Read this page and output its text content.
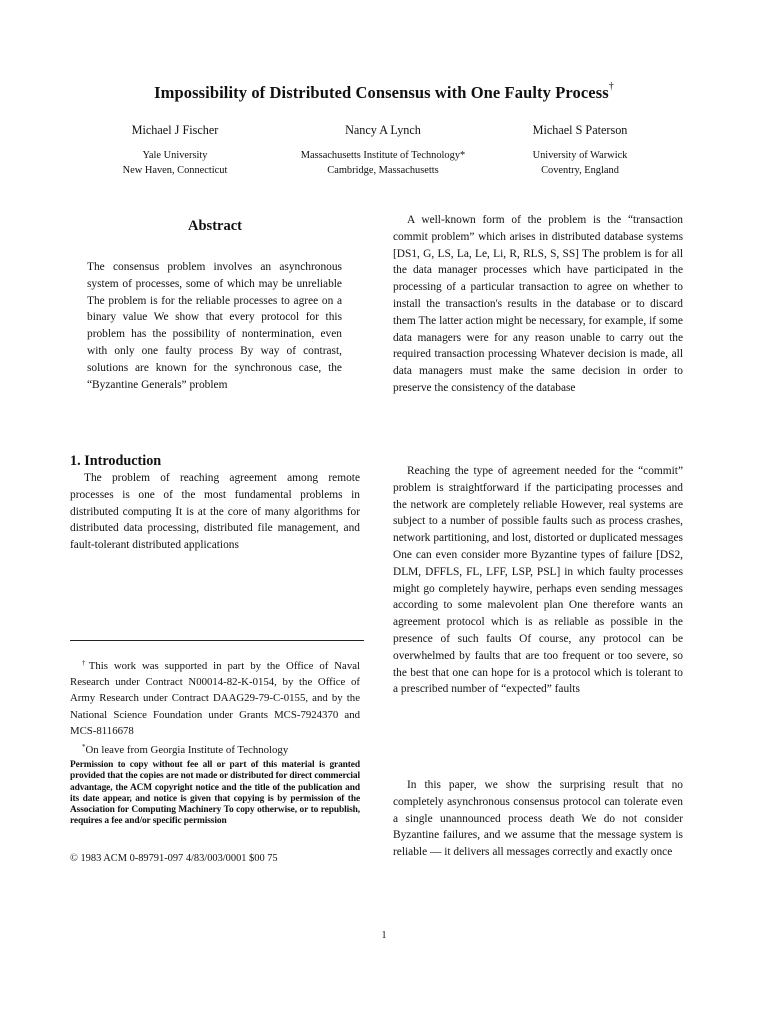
Impossibility of Distributed Consensus with One Faulty Process†
Michael J Fischer
Yale University
New Haven, Connecticut
Nancy A Lynch
Massachusetts Institute of Technology*
Cambridge, Massachusetts
Michael S Paterson
University of Warwick
Coventry, England
Abstract

The consensus problem involves an asynchronous system of processes, some of which may be unreliable The problem is for the reliable processes to agree on a binary value We show that every protocol for this problem has the possibility of nontermination, even with only one faulty process By way of contrast, solutions are known for the synchronous case, the “Byzantine Generals” problem

1. Introduction

The problem of reaching agreement among remote processes is one of the most fundamental problems in distributed computing It is at the core of many algorithms for distributed data processing, distributed file management, and fault-tolerant distributed applications

†This work was supported in part by the Office of Naval Research under Contract N00014-82-K-0154, by the Office of Army Research under Contract DAAG29-79-C-0155, and by the National Science Foundation under Grants MCS-7924370 and MCS-8116678

*On leave from Georgia Institute of Technology

Permission to copy without fee all or part of this material is granted provided that the copies are not made or distributed for direct commercial advantage, the ACM copyright notice and the title of the publication and its date appear, and notice is given that copying is by permission of the Association for Computing Machinery To copy otherwise, or to republish, requires a fee and/or specific permission

© 1983 ACM 0-89791-097 4/83/003/0001 $00 75

A well-known form of the problem is the “transaction commit problem” which arises in distributed database systems [DS1, G, LS, La, Le, Li, R, RLS, S, SS] The problem is for all the data manager processes which have participated in the processing of a particular transaction to agree on whether to install the transaction's results in the database or to discard them The latter action might be necessary, for example, if some data managers were for any reason unable to carry out the required transaction processing Whatever decision is made, all data managers must make the same decision in order to preserve the consistency of the database

Reaching the type of agreement needed for the “commit” problem is straightforward if the participating processes and the network are completely reliable However, real systems are subject to a number of possible faults such as process crashes, network partitioning, and lost, distorted or duplicated messages One can even consider more Byzantine types of failure [DS2, DLM, DFFLS, FL, LFF, LSP, PSL] in which faulty processes might go completely haywire, perhaps even sending messages according to some malevolent plan One therefore wants an agreement protocol which is as reliable as possible in the presence of such faults Of course, any protocol can be overwhelmed by faults that are too frequent or too severe, so the best that one can hope for is a protocol which is tolerant to a prescribed number of “expected” faults

In this paper, we show the surprising result that no completely asynchronous consensus protocol can tolerate even a single unannounced process death We do not consider Byzantine failures, and we assume that the message system is reliable — it delivers all messages correctly and exactly once

1
